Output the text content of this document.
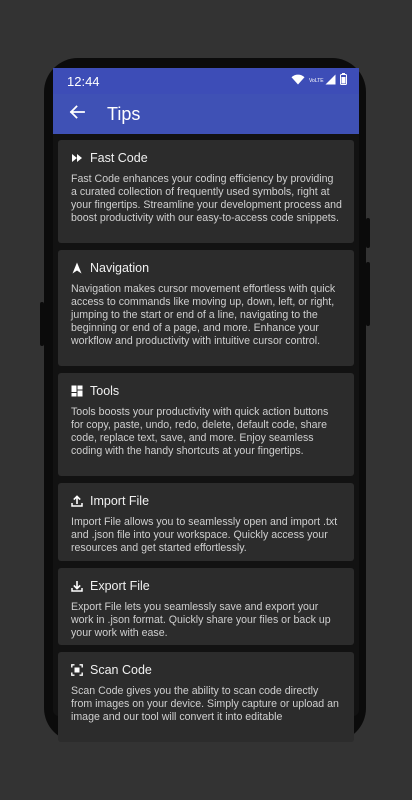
12:44	VoLTE
Tips
Fast Code
Fast Code enhances your coding efficiency by providing a curated collection of frequently used symbols, right at your fingertips. Streamline your development process and boost productivity with our easy-to-access code snippets.
Navigation
Navigation makes cursor movement effortless with quick access to commands like moving up, down, left, or right, jumping to the start or end of a line, navigating to the beginning or end of a page, and more. Enhance your workflow and productivity with intuitive cursor control.
Tools
Tools boosts your productivity with quick action buttons for copy, paste, undo, redo, delete, default code, share code, replace text, save, and more. Enjoy seamless coding with the handy shortcuts at your fingertips.
Import File
Import File allows you to seamlessly open and import .txt and .json file into your workspace. Quickly access your resources and get started effortlessly.
Export File
Export File lets you seamlessly save and export your work in .json format. Quickly share your files or back up your work with ease.
Scan Code
Scan Code gives you the ability to scan code directly from images on your device. Simply capture or upload an image and our tool will convert it into editable
